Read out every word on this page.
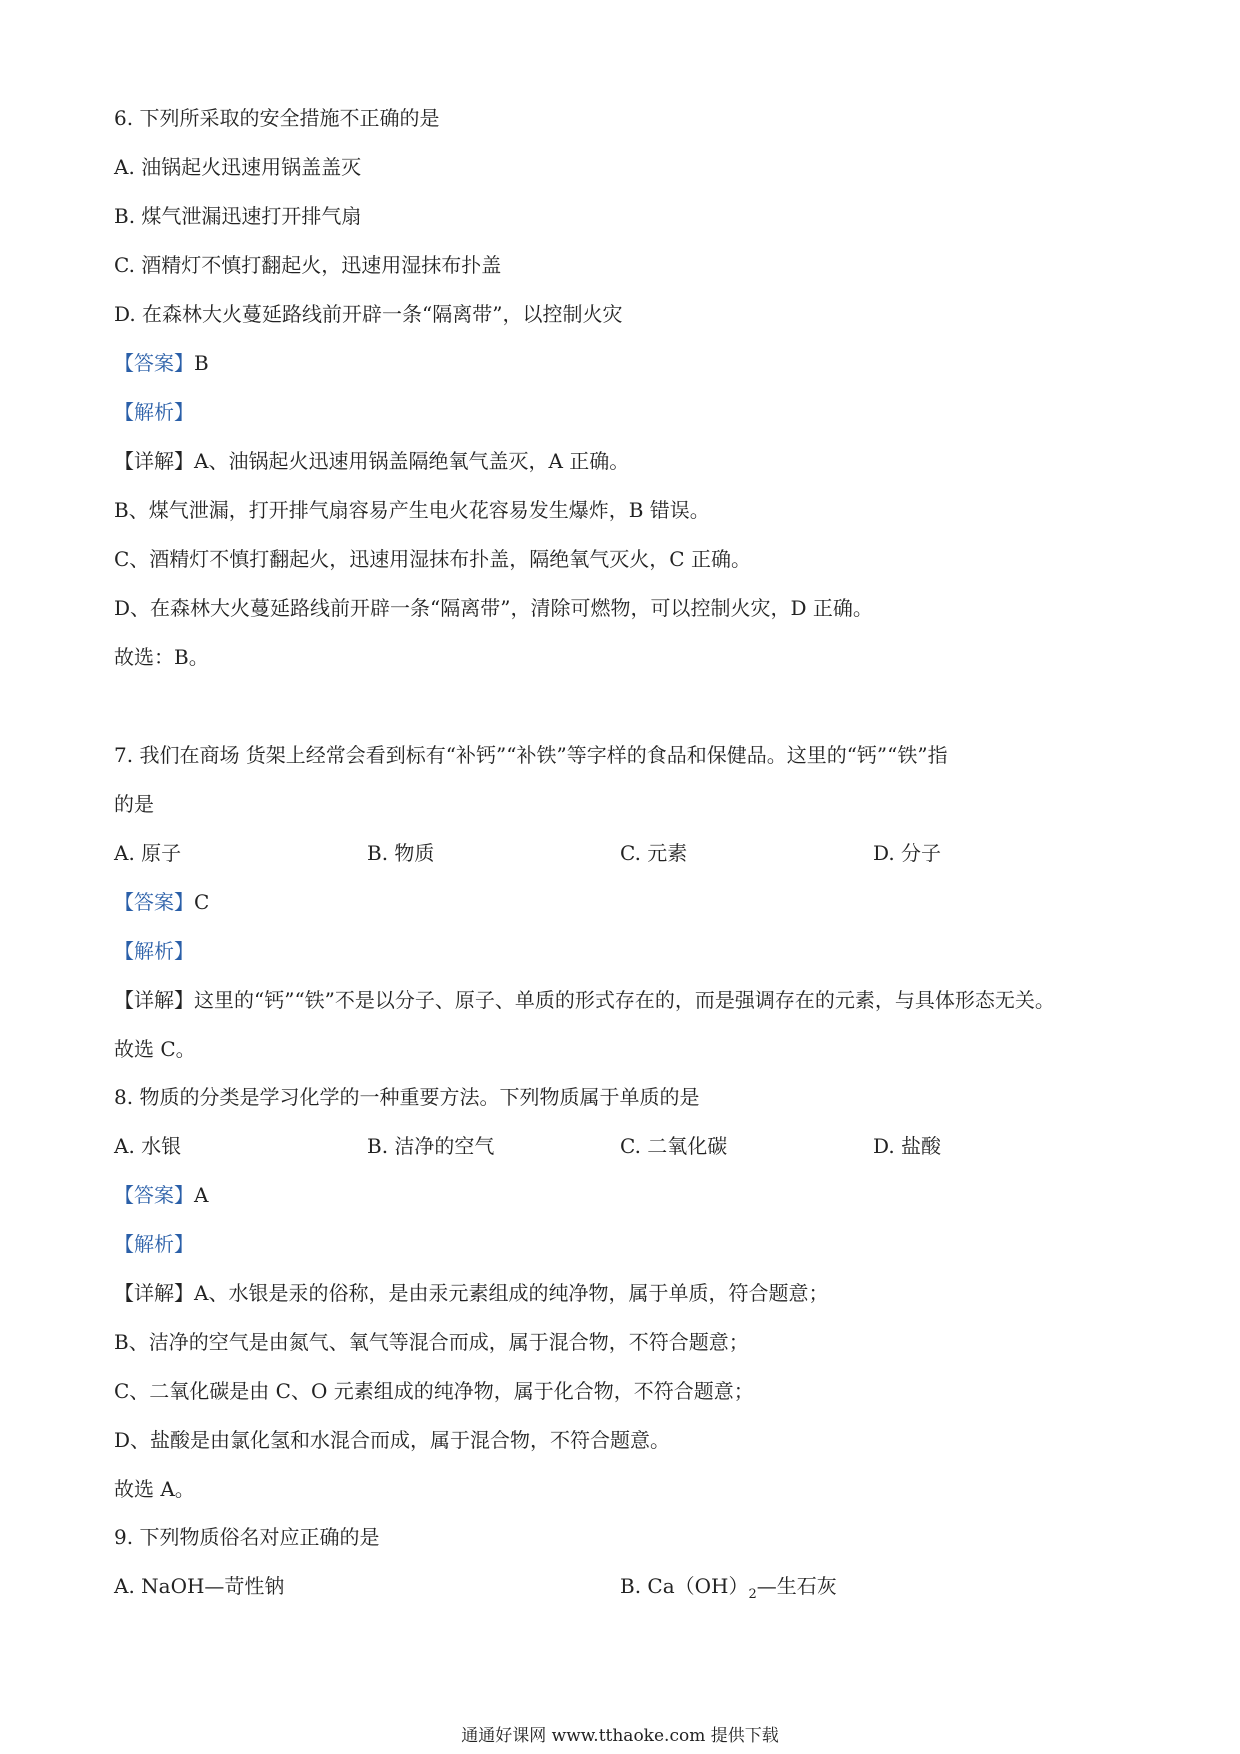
6. 下列所采取的安全措施不正确的是
A. 油锅起火迅速用锅盖盖灭
B. 煤气泄漏迅速打开排气扇
C. 酒精灯不慎打翻起火，迅速用湿抹布扑盖
D. 在森林大火蔓延路线前开辟一条“隔离带”，以控制火灾
【答案】B
【解析】
【详解】A、油锅起火迅速用锅盖隔绝氧气盖灭，A 正确。
B、煤气泄漏，打开排气扇容易产生电火花容易发生爆炸，B 错误。
C、酒精灯不慎打翻起火，迅速用湿抹布扑盖，隔绝氧气灭火，C 正确。
D、在森林大火蔓延路线前开辟一条“隔离带”，清除可燃物，可以控制火灾，D 正确。
故选：B。
7. 我们在商场 货架上经常会看到标有“补钙”“补铁”等字样的食品和保健品。这里的“钙”“铁”指
的是
A. 原子	B. 物质	C. 元素	D. 分子
【答案】C
【解析】
【详解】这里的“钙”“铁”不是以分子、原子、单质的形式存在的，而是强调存在的元素，与具体形态无关。
故选 C。
8. 物质的分类是学习化学的一种重要方法。下列物质属于单质的是
A. 水银	B. 洁净的空气	C. 二氧化碳	D. 盐酸
【答案】A
【解析】
【详解】A、水银是汞的俗称，是由汞元素组成的纯净物，属于单质，符合题意；
B、洁净的空气是由氮气、氧气等混合而成，属于混合物，不符合题意；
C、二氧化碳是由 C、O 元素组成的纯净物，属于化合物，不符合题意；
D、盐酸是由氯化氢和水混合而成，属于混合物，不符合题意。
故选 A。
9. 下列物质俗名对应正确的是
A. NaOH—苛性钠	B. $Ca(OH)_2—$生石灰
通通好课网 www.tthaoke.com 提供下载
